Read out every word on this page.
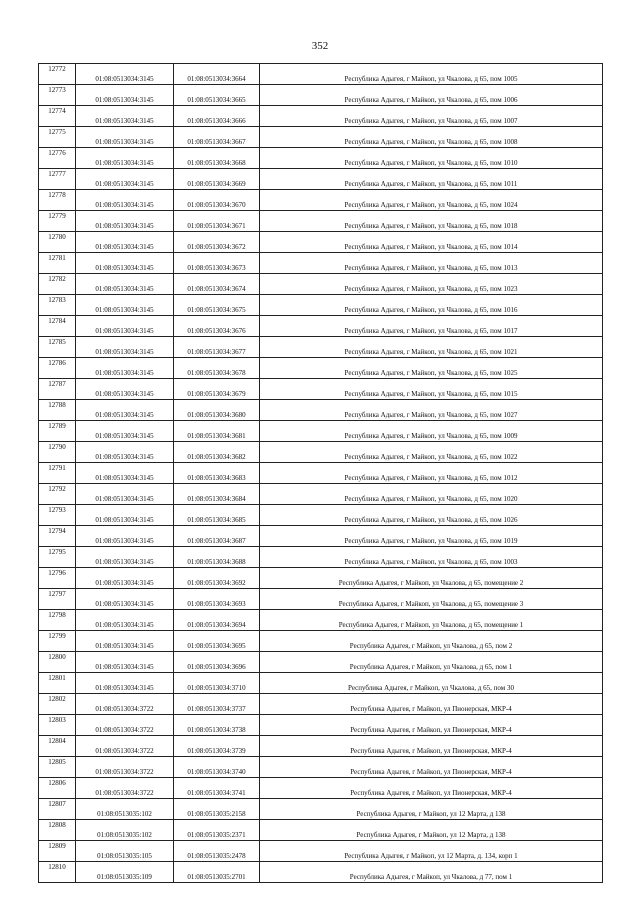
352
12772	01:08:0513034:3145	01:08:0513034:3664	Республика Адыгея, г Майкоп, ул Чкалова, д 65, пом 1005
12773	01:08:0513034:3145	01:08:0513034:3665	Республика Адыгея, г Майкоп, ул Чкалова, д 65, пом 1006
12774	01:08:0513034:3145	01:08:0513034:3666	Республика Адыгея, г Майкоп, ул Чкалова, д 65, пом 1007
12775	01:08:0513034:3145	01:08:0513034:3667	Республика Адыгея, г Майкоп, ул Чкалова, д 65, пом 1008
12776	01:08:0513034:3145	01:08:0513034:3668	Республика Адыгея, г Майкоп, ул Чкалова, д 65, пом 1010
12777	01:08:0513034:3145	01:08:0513034:3669	Республика Адыгея, г Майкоп, ул Чкалова, д 65, пом 1011
12778	01:08:0513034:3145	01:08:0513034:3670	Республика Адыгея, г Майкоп, ул Чкалова, д 65, пом 1024
12779	01:08:0513034:3145	01:08:0513034:3671	Республика Адыгея, г Майкоп, ул Чкалова, д 65, пом 1018
12780	01:08:0513034:3145	01:08:0513034:3672	Республика Адыгея, г Майкоп, ул Чкалова, д 65, пом 1014
12781	01:08:0513034:3145	01:08:0513034:3673	Республика Адыгея, г Майкоп, ул Чкалова, д 65, пом 1013
12782	01:08:0513034:3145	01:08:0513034:3674	Республика Адыгея, г Майкоп, ул Чкалова, д 65, пом 1023
12783	01:08:0513034:3145	01:08:0513034:3675	Республика Адыгея, г Майкоп, ул Чкалова, д 65, пом 1016
12784	01:08:0513034:3145	01:08:0513034:3676	Республика Адыгея, г Майкоп, ул Чкалова, д 65, пом 1017
12785	01:08:0513034:3145	01:08:0513034:3677	Республика Адыгея, г Майкоп, ул Чкалова, д 65, пом 1021
12786	01:08:0513034:3145	01:08:0513034:3678	Республика Адыгея, г Майкоп, ул Чкалова, д 65, пом 1025
12787	01:08:0513034:3145	01:08:0513034:3679	Республика Адыгея, г Майкоп, ул Чкалова, д 65, пом 1015
12788	01:08:0513034:3145	01:08:0513034:3680	Республика Адыгея, г Майкоп, ул Чкалова, д 65, пом 1027
12789	01:08:0513034:3145	01:08:0513034:3681	Республика Адыгея, г Майкоп, ул Чкалова, д 65, пом 1009
12790	01:08:0513034:3145	01:08:0513034:3682	Республика Адыгея, г Майкоп, ул Чкалова, д 65, пом 1022
12791	01:08:0513034:3145	01:08:0513034:3683	Республика Адыгея, г Майкоп, ул Чкалова, д 65, пом 1012
12792	01:08:0513034:3145	01:08:0513034:3684	Республика Адыгея, г Майкоп, ул Чкалова, д 65, пом 1020
12793	01:08:0513034:3145	01:08:0513034:3685	Республика Адыгея, г Майкоп, ул Чкалова, д 65, пом 1026
12794	01:08:0513034:3145	01:08:0513034:3687	Республика Адыгея, г Майкоп, ул Чкалова, д 65, пом 1019
12795	01:08:0513034:3145	01:08:0513034:3688	Республика Адыгея, г Майкоп, ул Чкалова, д 65, пом 1003
12796	01:08:0513034:3145	01:08:0513034:3692	Республика Адыгея, г Майкоп, ул Чкалова, д 65, помещение 2
12797	01:08:0513034:3145	01:08:0513034:3693	Республика Адыгея, г Майкоп, ул Чкалова, д 65, помещение 3
12798	01:08:0513034:3145	01:08:0513034:3694	Республика Адыгея, г Майкоп, ул Чкалова, д 65, помещение 1
12799	01:08:0513034:3145	01:08:0513034:3695	Республика Адыгея, г Майкоп, ул Чкалова, д 65, пом 2
12800	01:08:0513034:3145	01:08:0513034:3696	Республика Адыгея, г Майкоп, ул Чкалова, д 65, пом 1
12801	01:08:0513034:3145	01:08:0513034:3710	Республика Адыгея, г Майкоп, ул Чкалова, д 65, пом 30
12802	01:08:0513034:3722	01:08:0513034:3737	Республика Адыгея, г Майкоп, ул Пионерская, МКР-4
12803	01:08:0513034:3722	01:08:0513034:3738	Республика Адыгея, г Майкоп, ул Пионерская, МКР-4
12804	01:08:0513034:3722	01:08:0513034:3739	Республика Адыгея, г Майкоп, ул Пионерская, МКР-4
12805	01:08:0513034:3722	01:08:0513034:3740	Республика Адыгея, г Майкоп, ул Пионерская, МКР-4
12806	01:08:0513034:3722	01:08:0513034:3741	Республика Адыгея, г Майкоп, ул Пионерская, МКР-4
12807	01:08:0513035:102	01:08:0513035:2158	Республика Адыгея, г Майкоп, ул 12 Марта, д 138
12808	01:08:0513035:102	01:08:0513035:2371	Республика Адыгея, г Майкоп, ул 12 Марта, д 138
12809	01:08:0513035:105	01:08:0513035:2478	Республика Адыгея, г Майкоп, ул 12 Марта, д. 134, корп 1
12810	01:08:0513035:109	01:08:0513035:2701	Республика Адыгея, г Майкоп, ул Чкалова, д 77, пом 1
